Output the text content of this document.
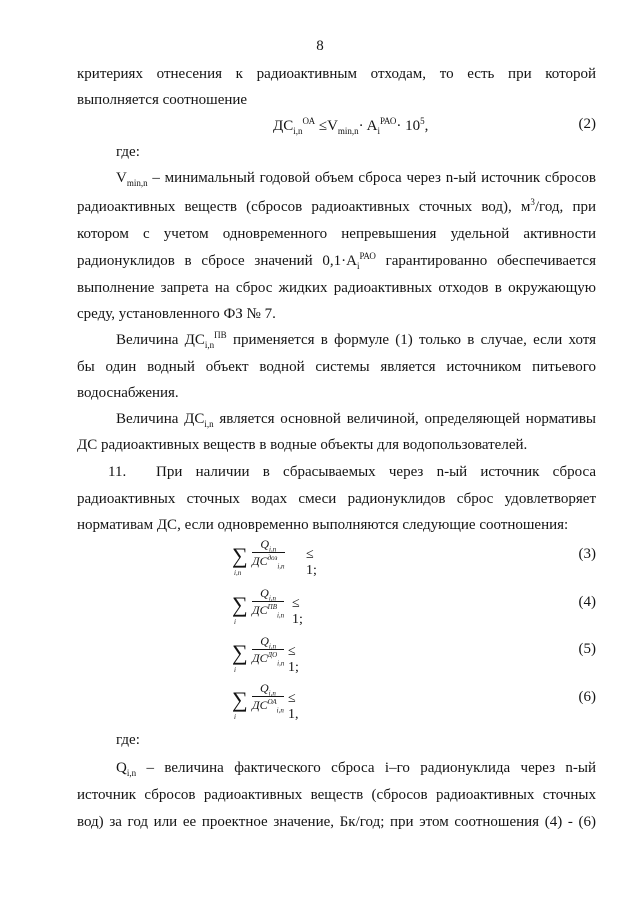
8
критериях отнесения к радиоактивным отходам, то есть при которой
выполняется соотношение
$ДС_{i,n}^{ОА} \le V_{min,n}\cdot A_i^{РАО}\cdot 10^5$,	(2)
где:
$V_{min,n}$ – минимальный годовой объем сброса через n-ый источник сбросов
радиоактивных веществ (сбросов радиоактивных сточных вод), $м^3$/год, при
котором с учетом одновременного непревышения удельной активности
радионуклидов в сбросе значений $0,1\cdot A_i^{РАО}$ гарантированно обеспечивается
выполнение запрета на сброс жидких радиоактивных отходов в окружающую
среду, установленного ФЗ № 7.
Величина $ДС_{i,n}^{ПВ}$ применяется в формуле (1) только в случае, если хотя
бы один водный объект водной системы является источником питьевого
водоснабжения.
Величина $ДС_{i,n}$ является основной величиной, определяющей нормативы
ДС радиоактивных веществ в водные объекты для водопользователей.
11. При наличии в сбрасываемых через n-ый источник сброса
радиоактивных сточных водах смеси радионуклидов сброс удовлетворяет
нормативам ДС, если одновременно выполняются следующие соотношения:
∑
i,n
$Q_{i,n}$
$ДС^{доз}_{i,n}$
≤ 1;
(3)
∑
i
$Q_{i,n}$
$ДС^{ПВ}_{i,n}$
≤ 1;
(4)
∑
i
$Q_{i,n}$
$ДС^{ДО}_{i,n}$
≤ 1;
(5)
∑
i
$Q_{i,n}$
$ДС^{ОА}_{i,n}$
≤ 1,
(6)
где:
$Q_{i,n}$ – величина фактического сброса i–го радионуклида через n-ый
источник сбросов радиоактивных веществ (сбросов радиоактивных сточных
вод) за год или ее проектное значение, Бк/год; при этом соотношения (4) - (6)
